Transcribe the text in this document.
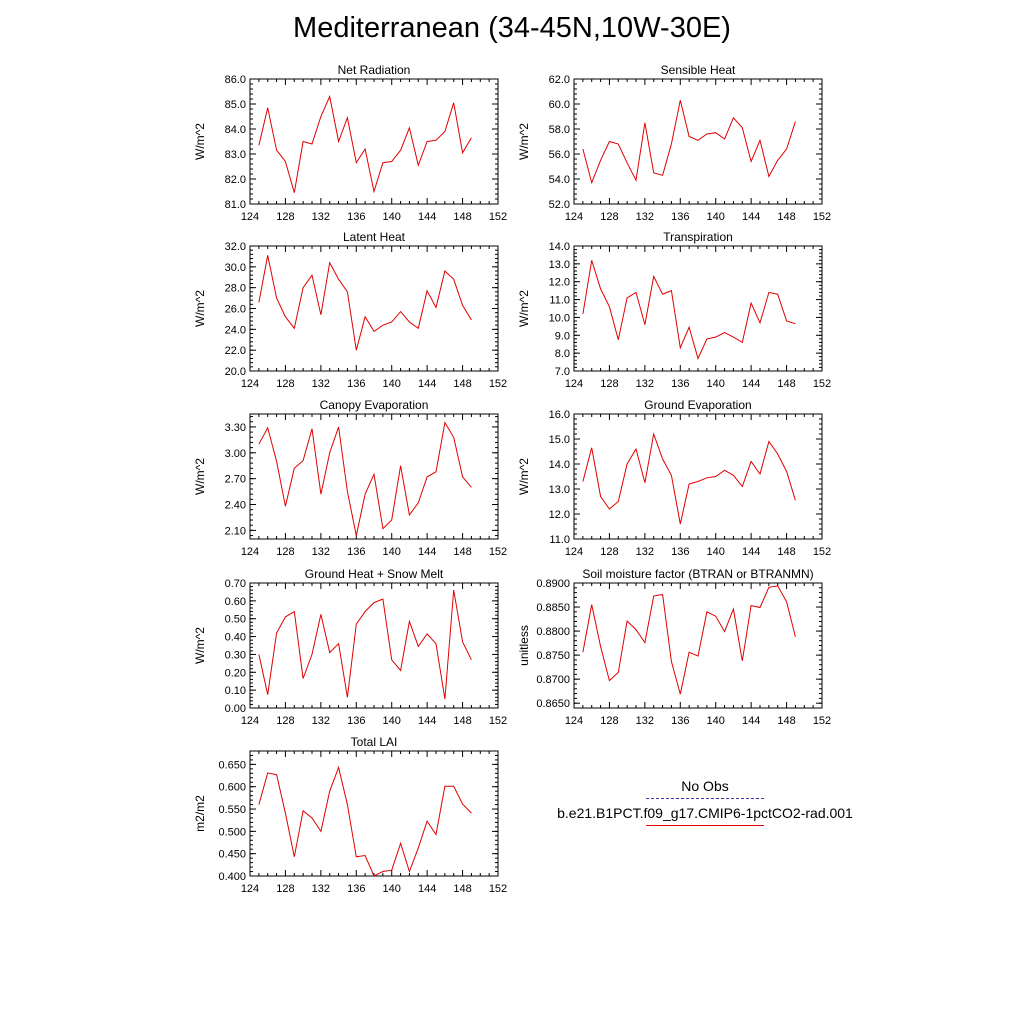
Mediterranean (34-45N,10W-30E)
Net Radiation
W/m^2
124 128 132 136 140 144 148 152
81.0
82.0
83.0
84.0
85.0
86.0
Sensible Heat
W/m^2
124 128 132 136 140 144 148 152
52.0
54.0
56.0
58.0
60.0
62.0
Latent Heat
W/m^2
124 128 132 136 140 144 148 152
20.0
22.0
24.0
26.0
28.0
30.0
32.0
Transpiration
W/m^2
124 128 132 136 140 144 148 152
7.0
8.0
9.0
10.0
11.0
12.0
13.0
14.0
Canopy Evaporation
W/m^2
124 128 132 136 140 144 148 152
2.10
2.40
2.70
3.00
3.30
Ground Evaporation
W/m^2
124 128 132 136 140 144 148 152
11.0
12.0
13.0
14.0
15.0
16.0
Ground Heat + Snow Melt
W/m^2
124 128 132 136 140 144 148 152
0.00
0.10
0.20
0.30
0.40
0.50
0.60
0.70
Soil moisture factor (BTRAN or BTRANMN)
unitless
124 128 132 136 140 144 148 152
0.8650
0.8700
0.8750
0.8800
0.8850
0.8900
Total LAI
m2/m2
124 128 132 136 140 144 148 152
0.400
0.450
0.500
0.550
0.600
0.650
No Obs
b.e21.B1PCT.f09_g17.CMIP6-1pctCO2-rad.001
